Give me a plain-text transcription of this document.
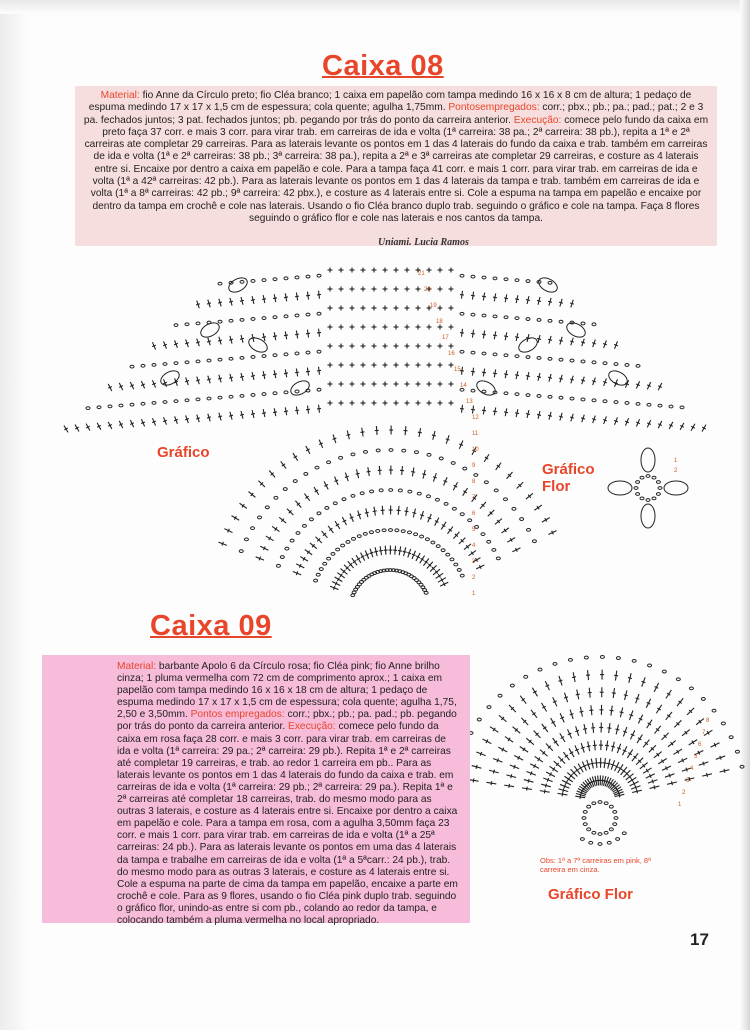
Caixa 08

Material: fio Anne da Círculo preto; fio Cléa branco; 1 caixa em papelão com tampa medindo 16 x 16 x 8 cm de altura; 1 pedaço de espuma medindo 17 x 17 x 1,5 cm de espessura; cola quente; agulha 1,75mm. Pontosempregados: corr.; pbx.; pb.; pa.; pad.; pat.; 2 e 3 pa. fechados juntos; 3 pat. fechados juntos; pb. pegando por trás do ponto da carreira anterior. Execução: comece pelo fundo da caixa em preto faça 37 corr. e mais 3 corr. para virar trab. em carreiras de ida e volta (1ª carreira: 38 pa.; 2ª carreira: 38 pb.), repita a 1ª e 2ª carreiras ate completar 29 carreiras. Para as laterais levante os pontos em 1 das 4 laterais do fundo da caixa e trab. também em carreiras de ida e volta (1ª e 2ª carreiras: 38 pb.; 3ª carreira: 38 pa.), repita a 2ª e 3ª carreiras ate completar 29 carreiras, e costure as 4 laterais entre si. Encaixe por dentro a caixa em papelão e cole. Para a tampa faça 41 corr. e mais 1 corr. para virar trab. em carreiras de ida e volta (1ª a 42ª carreiras: 42 pb.). Para as laterais levante os pontos em 1 das 4 laterais da tampa e trab. também em carreiras de ida e volta (1ª a 8ª carreiras: 42 pb.; 9ª carreira: 42 pbx.), e costure as 4 laterais entre si. Cole a espuma na tampa em papelão e encaixe por dentro da tampa em crochê e cole nas laterais. Usando o fio Cléa branco duplo trab. seguindo o gráfico e cole na tampa. Faça 8 flores seguindo o gráfico flor e cole nas laterais e nos cantos da tampa.

Uniami. Lucia Ramos
21
20
19
18
17
16
15
14
13
12
11
10
9
8
7
6
5
4
3
2
1
1
2
8
7
6
5
4
3
2
1
Gráfico
Gráfico Flor
Caixa 09

Material: barbante Apolo 6 da Círculo rosa; fio Cléa pink; fio Anne brilho cinza; 1 pluma vermelha com 72 cm de comprimento aprox.; 1 caixa em papelão com tampa medindo 16 x 16 x 18 cm de altura; 1 pedaço de espuma medindo 17 x 17 x 1,5 cm de espessura; cola quente; agulha 1,75, 2,50 e 3,50mm. Pontos empregados: corr.; pbx.; pb.; pa. pad.; pb. pegando por trás do ponto da carreira anterior. Execução: comece pelo fundo da caixa em rosa faça 28 corr. e mais 3 corr. para virar trab. em carreiras de ida e volta (1ª carreira: 29 pa.; 2ª carreira: 29 pb.). Repita 1ª e 2ª carreiras até completar 19 carreiras, e trab. ao redor 1 carreira em pb.. Para as laterais levante os pontos em 1 das 4 laterais do fundo da caixa e trab. em carreiras de ida e volta (1ª carreira: 29 pb.; 2ª carreira: 29 pa.). Repita 1ª e 2ª carreiras até completar 18 carreiras, trab. do mesmo modo para as outras 3 laterais, e costure as 4 laterais entre si. Encaixe por dentro a caixa em papelão e cole. Para a tampa em rosa, com a agulha 3,50mm faça 23 corr. e mais 1 corr. para virar trab. em carreiras de ida e volta (1ª a 25ª carreiras: 24 pb.). Para as laterais levante os pontos em uma das 4 laterais da tampa e trabalhe em carreiras de ida e volta (1ª a 5ªcarr.: 24 pb.), trab. do mesmo modo para as outras 3 laterais, e costure as 4 laterais entre si. Cole a espuma na parte de cima da tampa em papelão, encaixe a parte em crochê e cole. Para as 9 flores, usando o fio Cléa pink duplo trab. seguindo o gráfico flor, unindo-as entre si com pb., colando ao redor da tampa, e colocando também a pluma vermelha no local apropriado.

Obs: 1ª a 7ª carreiras em pink, 8ª carreira em cinza.
Gráfico Flor
17
